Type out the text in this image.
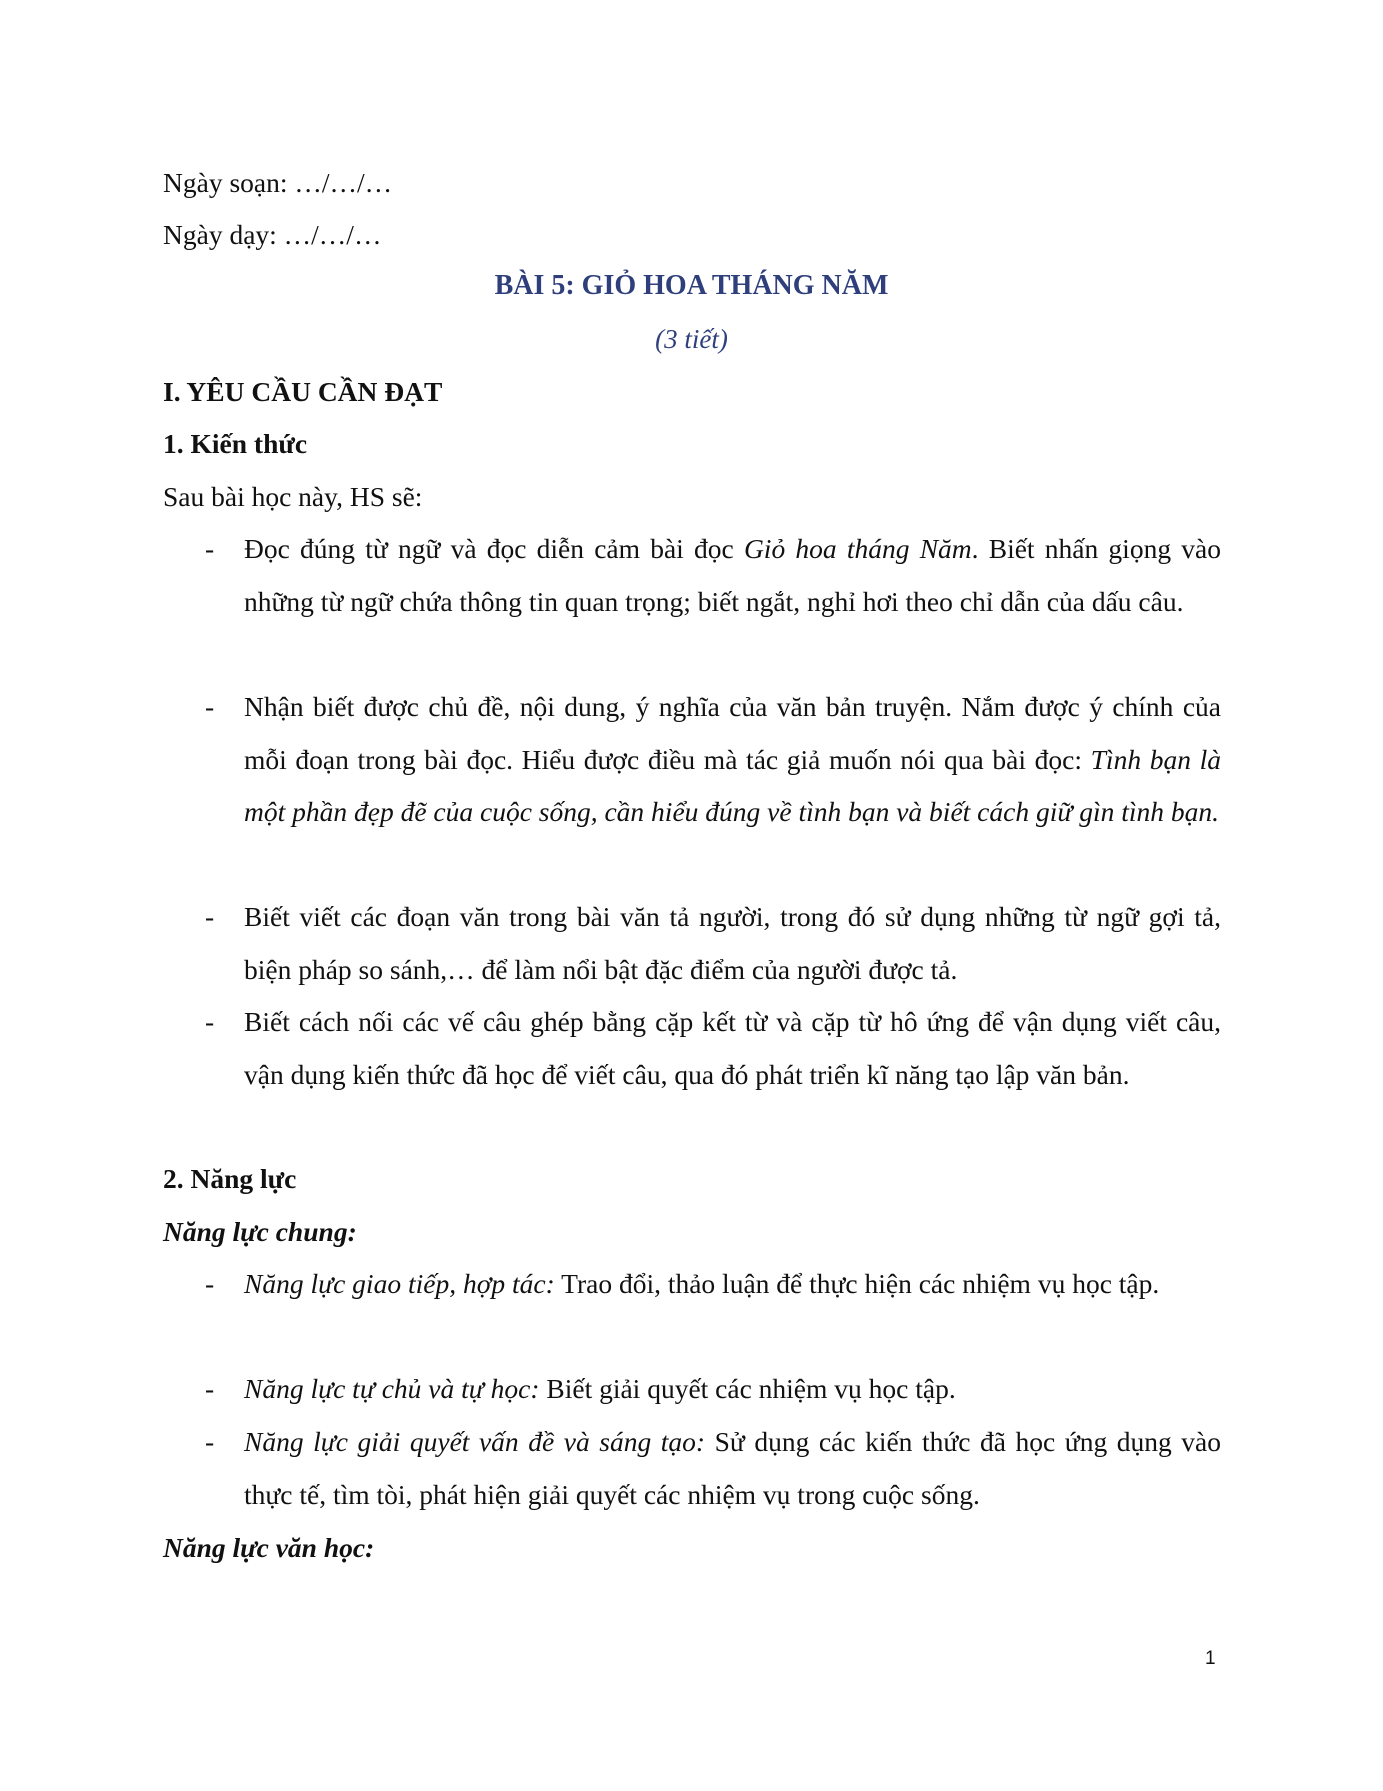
Ngày soạn: …/…/…
Ngày dạy: …/…/…
BÀI 5: GIỎ HOA THÁNG NĂM
(3 tiết)
I. YÊU CẦU CẦN ĐẠT
1. Kiến thức
Sau bài học này, HS sẽ:
- Đọc đúng từ ngữ và đọc diễn cảm bài đọc Giỏ hoa tháng Năm. Biết nhấn giọng vào những từ ngữ chứa thông tin quan trọng; biết ngắt, nghỉ hơi theo chỉ dẫn của dấu câu.
- Nhận biết được chủ đề, nội dung, ý nghĩa của văn bản truyện. Nắm được ý chính của mỗi đoạn trong bài đọc. Hiểu được điều mà tác giả muốn nói qua bài đọc: Tình bạn là một phần đẹp đẽ của cuộc sống, cần hiểu đúng về tình bạn và biết cách giữ gìn tình bạn.
- Biết viết các đoạn văn trong bài văn tả người, trong đó sử dụng những từ ngữ gợi tả, biện pháp so sánh,… để làm nổi bật đặc điểm của người được tả.
- Biết cách nối các vế câu ghép bằng cặp kết từ và cặp từ hô ứng để vận dụng viết câu, vận dụng kiến thức đã học để viết câu, qua đó phát triển kĩ năng tạo lập văn bản.
2. Năng lực
Năng lực chung:
- Năng lực giao tiếp, hợp tác: Trao đổi, thảo luận để thực hiện các nhiệm vụ học tập.
- Năng lực tự chủ và tự học: Biết giải quyết các nhiệm vụ học tập.
- Năng lực giải quyết vấn đề và sáng tạo: Sử dụng các kiến thức đã học ứng dụng vào thực tế, tìm tòi, phát hiện giải quyết các nhiệm vụ trong cuộc sống.
Năng lực văn học:
1
